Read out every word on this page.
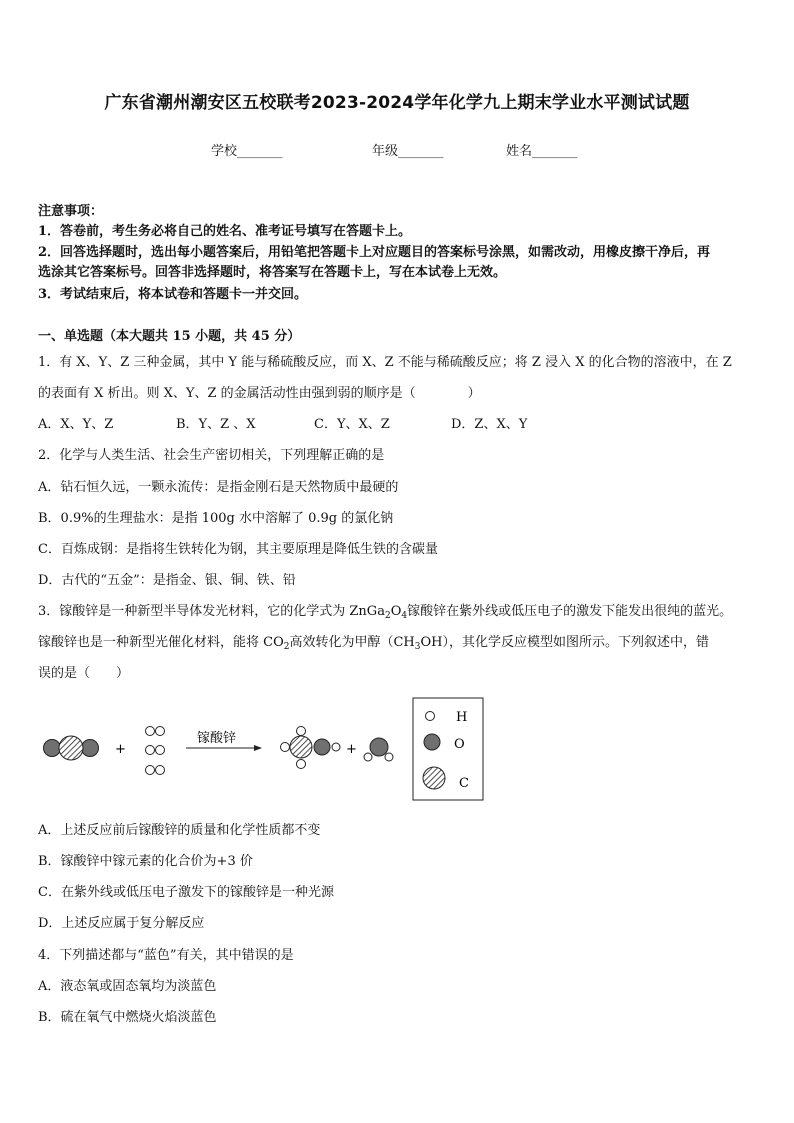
广东省潮州潮安区五校联考2023-2024学年化学九上期末学业水平测试试题
学校_______	年级_______	姓名_______
注意事项：
1．答卷前，考生务必将自己的姓名、准考证号填写在答题卡上。
2．回答选择题时，选出每小题答案后，用铅笔把答题卡上对应题目的答案标号涂黑，如需改动，用橡皮擦干净后，再
选涂其它答案标号。回答非选择题时，将答案写在答题卡上，写在本试卷上无效。
3．考试结束后，将本试卷和答题卡一并交回。
一、单选题（本大题共 15 小题，共 45 分）
1．有 X、Y、Z 三种金属，其中 Y 能与稀硫酸反应，而 X、Z 不能与稀硫酸反应；将 Z 浸入 X 的化合物的溶液中，在 Z
的表面有 X 析出。则 X、Y、Z 的金属活动性由强到弱的顺序是（　　　　）
A．X、Y、Z	B．Y、Z 、X	C．Y、X、Z	D．Z、X、Y
2．化学与人类生活、社会生产密切相关，下列理解正确的是
A．钻石恒久远，一颗永流传：是指金刚石是天然物质中最硬的
B．0.9%的生理盐水：是指 100g 水中溶解了 0.9g 的氯化钠
C．百炼成钢：是指将生铁转化为钢，其主要原理是降低生铁的含碳量
D．古代的“五金”：是指金、银、铜、铁、铅
3．镓酸锌是一种新型半导体发光材料，它的化学式为 $ZnGa_2O_4$镓酸锌在紫外线或低压电子的激发下能发出很纯的蓝光。
镓酸锌也是一种新型光催化材料，能将 $CO_2$高效转化为甲醇$(CH_3OH)$，其化学反应模型如图所示。下列叙述中，错
误的是（　　）
+
镓酸锌
+
H
O
C
A．上述反应前后镓酸锌的质量和化学性质都不变
B．镓酸锌中镓元素的化合价为+3 价
C．在紫外线或低压电子激发下的镓酸锌是一种光源
D．上述反应属于复分解反应
4．下列描述都与“蓝色”有关，其中错误的是
A．液态氧或固态氧均为淡蓝色
B．硫在氧气中燃烧火焰淡蓝色
